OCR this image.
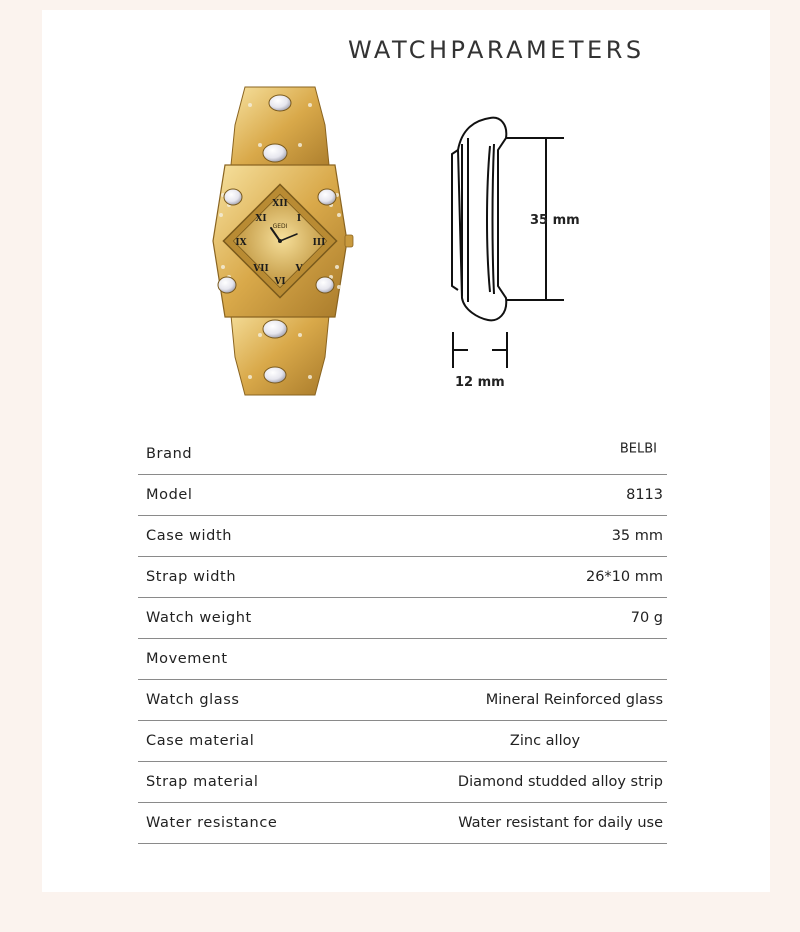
WATCHPARAMETERS
XII
VI
IX	III
XI	I
VII	V
GEDI	35 mm
12 mm
Brand	BELBI
Model	8113
Case width	35 mm
Strap width	26*10 mm
Watch weight	70 g
Movement
Watch glass	Mineral Reinforced glass
Case material	Zinc alloy
Strap material	Diamond studded alloy strip
Water resistance	Water resistant for daily use
